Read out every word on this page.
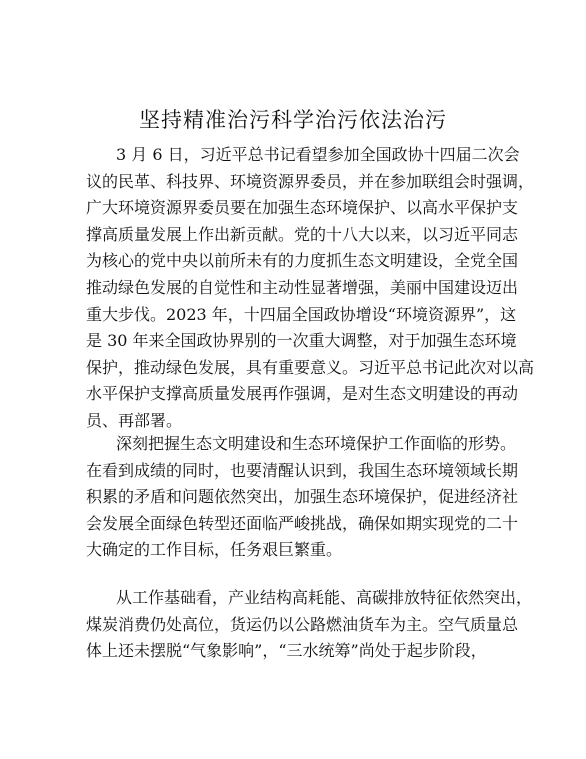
坚持精准治污科学治污依法治污
3 月 6 日，习近平总书记看望参加全国政协十四届二次会
议的民革、科技界、环境资源界委员，并在参加联组会时强调，
广大环境资源界委员要在加强生态环境保护、以高水平保护支
撑高质量发展上作出新贡献。党的十八大以来，以习近平同志
为核心的党中央以前所未有的力度抓生态文明建设，全党全国
推动绿色发展的自觉性和主动性显著增强，美丽中国建设迈出
重大步伐。2023 年，十四届全国政协增设“环境资源界”，这
是 30 年来全国政协界别的一次重大调整，对于加强生态环境
保护，推动绿色发展，具有重要意义。习近平总书记此次对以高
水平保护支撑高质量发展再作强调，是对生态文明建设的再动
员、再部署。
深刻把握生态文明建设和生态环境保护工作面临的形势。
在看到成绩的同时，也要清醒认识到，我国生态环境领域长期
积累的矛盾和问题依然突出，加强生态环境保护，促进经济社
会发展全面绿色转型还面临严峻挑战，确保如期实现党的二十
大确定的工作目标，任务艰巨繁重。
从工作基础看，产业结构高耗能、高碳排放特征依然突出，
煤炭消费仍处高位，货运仍以公路燃油货车为主。空气质量总
体上还未摆脱“气象影响”，“三水统筹”尚处于起步阶段，
